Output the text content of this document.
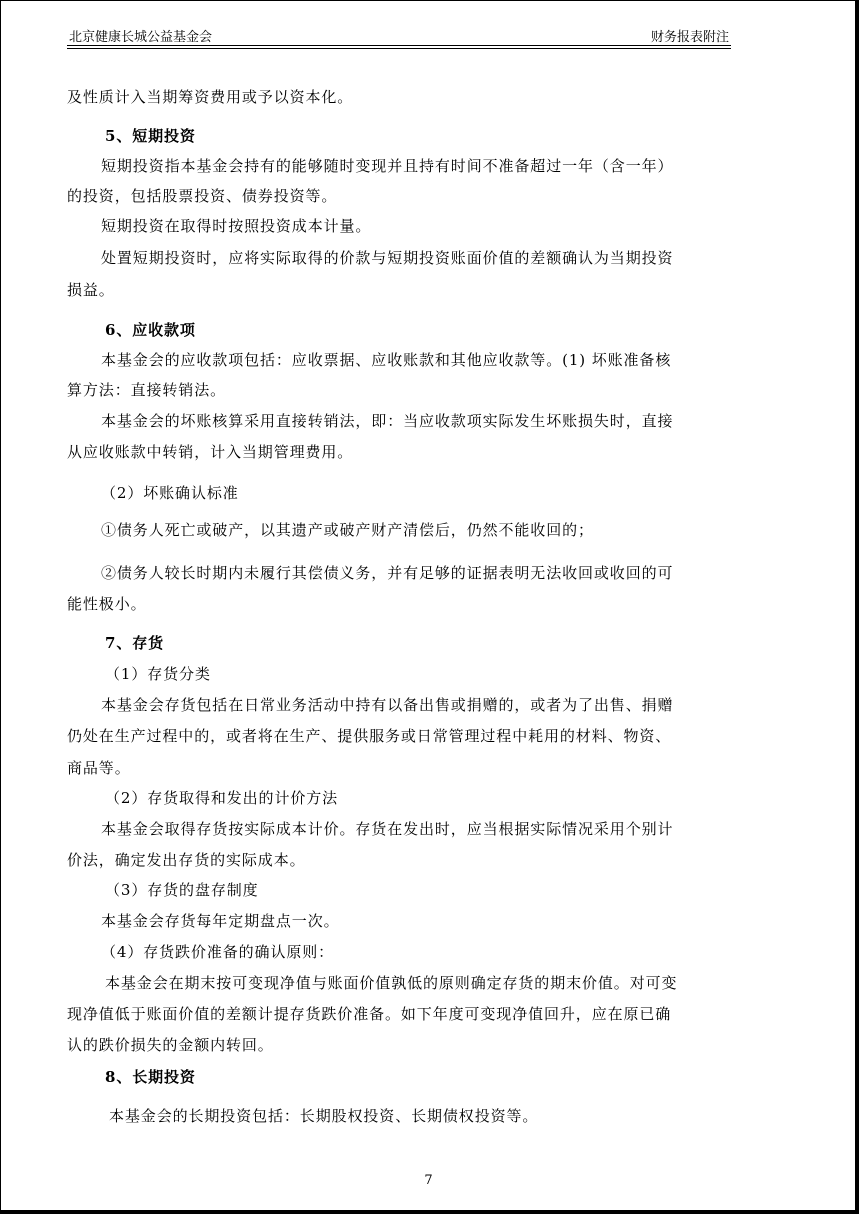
北京健康长城公益基金会	财务报表附注
及性质计入当期筹资费用或予以资本化。
5、短期投资
短期投资指本基金会持有的能够随时变现并且持有时间不准备超过一年（含一年）
的投资，包括股票投资、债券投资等。
短期投资在取得时按照投资成本计量。
处置短期投资时，应将实际取得的价款与短期投资账面价值的差额确认为当期投资
损益。
6、应收款项
本基金会的应收款项包括：应收票据、应收账款和其他应收款等。(1) 坏账准备核
算方法：直接转销法。
本基金会的坏账核算采用直接转销法，即：当应收款项实际发生坏账损失时，直接
从应收账款中转销，计入当期管理费用。
（2）坏账确认标准
①债务人死亡或破产，以其遗产或破产财产清偿后，仍然不能收回的；
②债务人较长时期内未履行其偿债义务，并有足够的证据表明无法收回或收回的可
能性极小。
7、存货
（1）存货分类
本基金会存货包括在日常业务活动中持有以备出售或捐赠的，或者为了出售、捐赠
仍处在生产过程中的，或者将在生产、提供服务或日常管理过程中耗用的材料、物资、
商品等。
（2）存货取得和发出的计价方法
本基金会取得存货按实际成本计价。存货在发出时，应当根据实际情况采用个别计
价法，确定发出存货的实际成本。
（3）存货的盘存制度
本基金会存货每年定期盘点一次。
（4）存货跌价准备的确认原则：
本基金会在期末按可变现净值与账面价值孰低的原则确定存货的期末价值。对可变
现净值低于账面价值的差额计提存货跌价准备。如下年度可变现净值回升，应在原已确
认的跌价损失的金额内转回。
8、长期投资
本基金会的长期投资包括：长期股权投资、长期债权投资等。
7
